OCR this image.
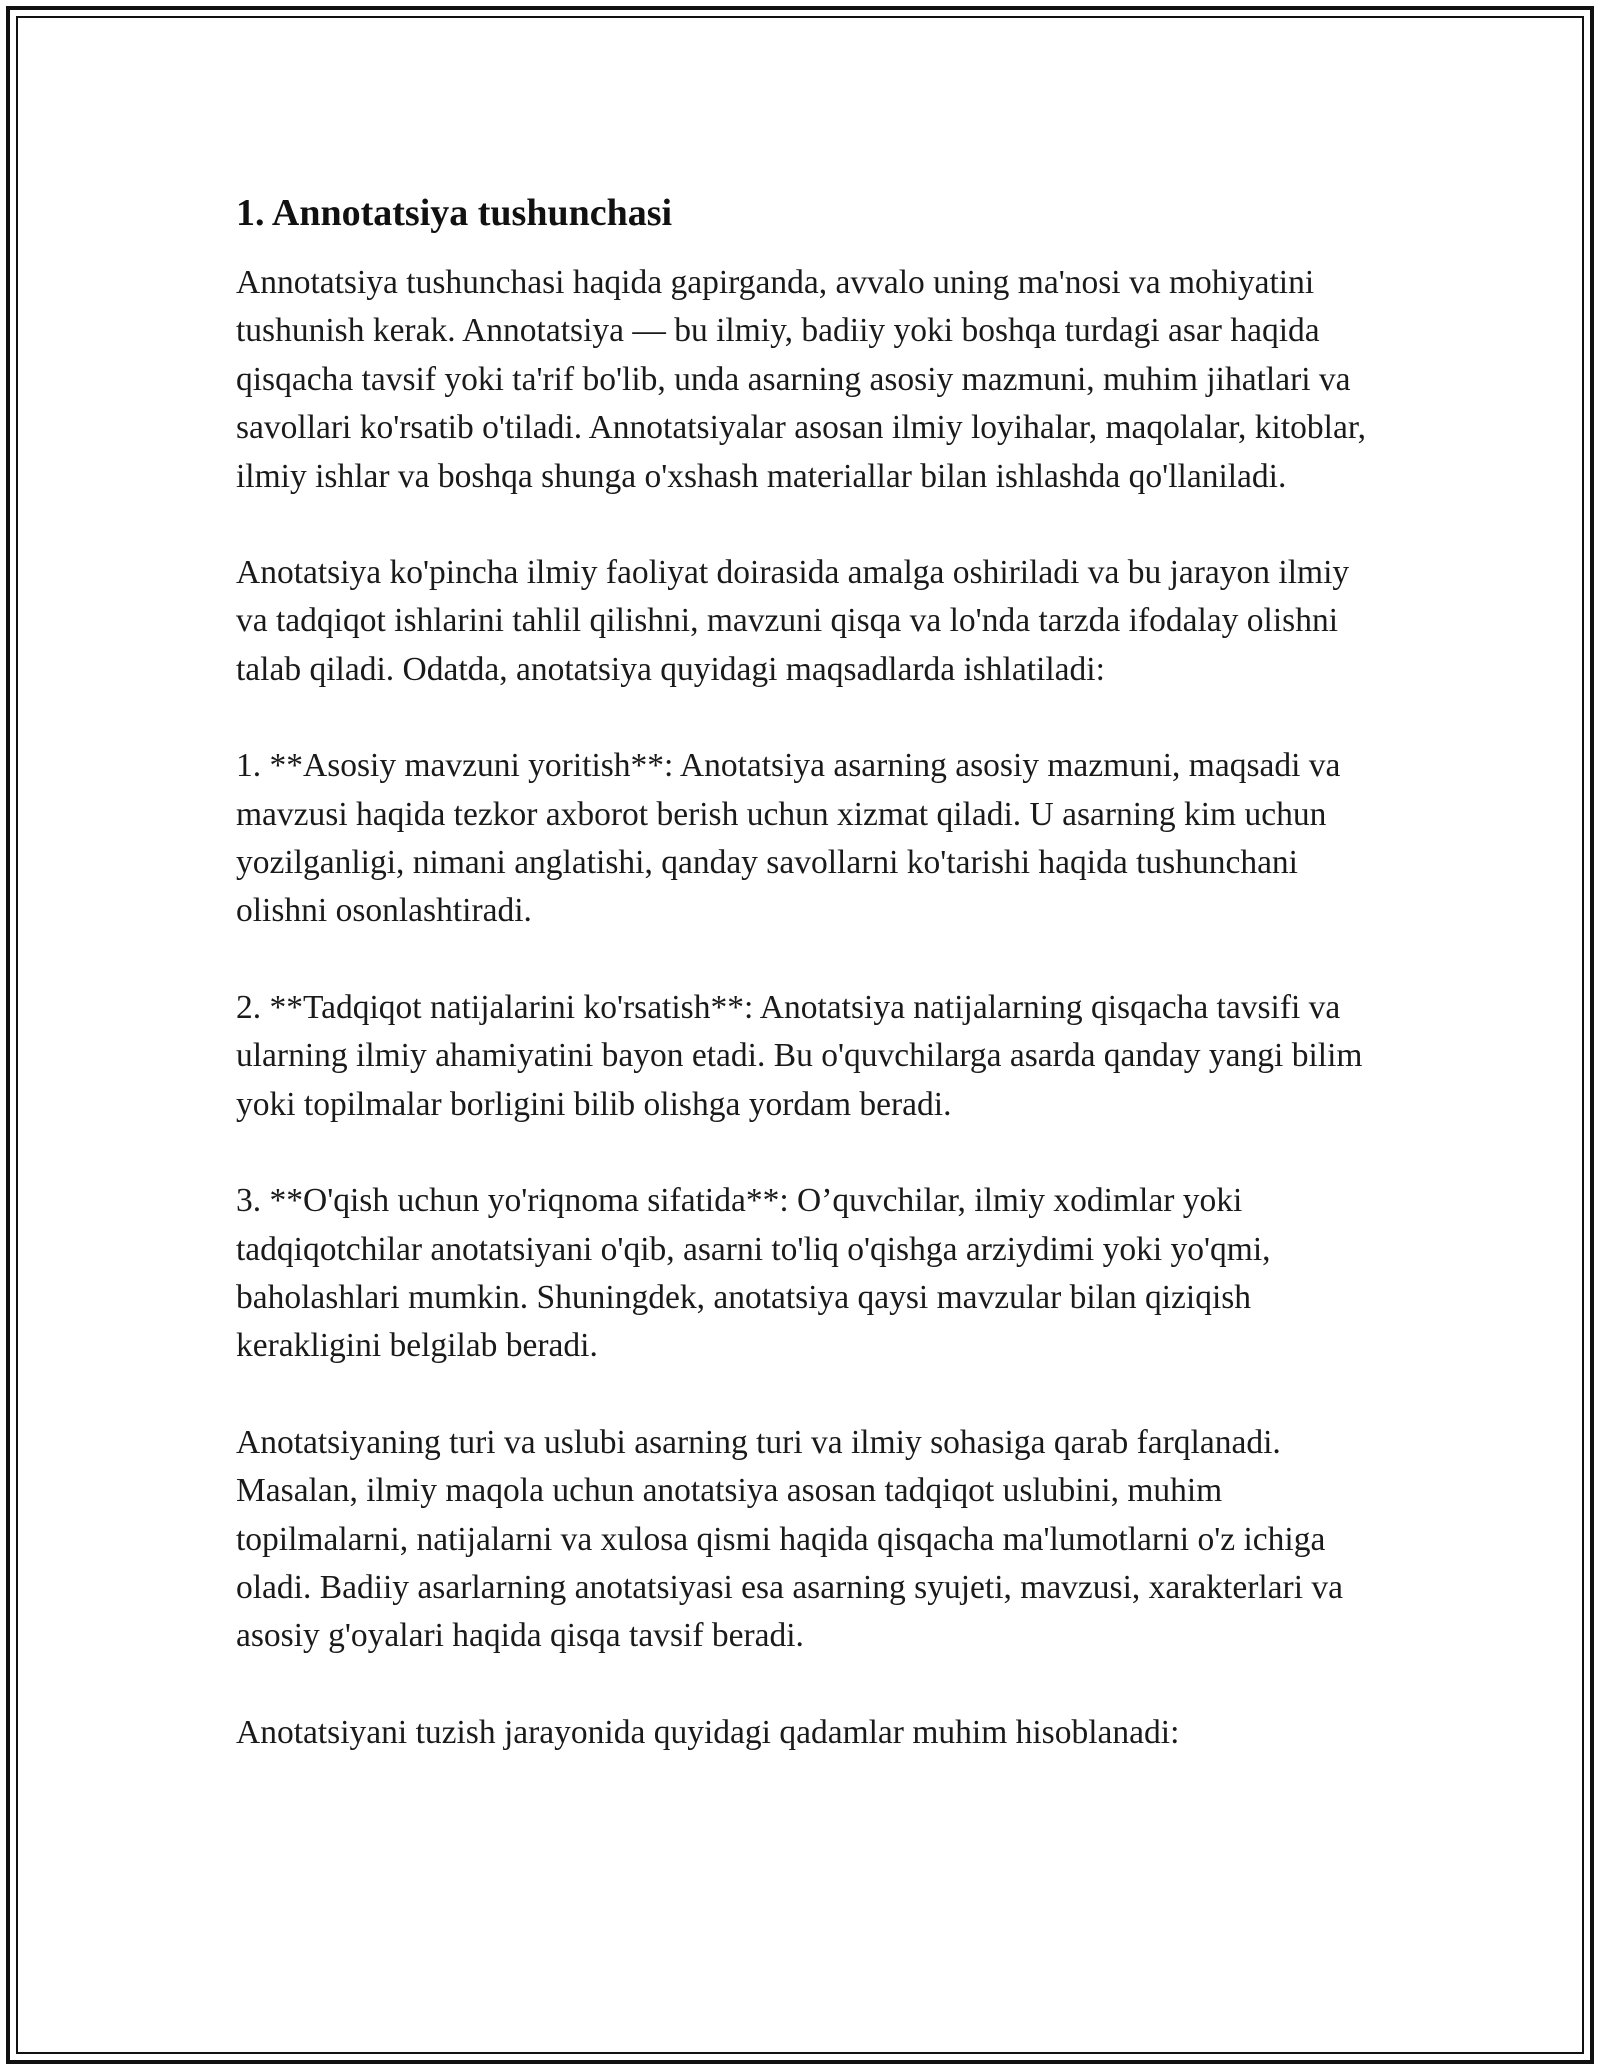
1. Annotatsiya tushunchasi

Annotatsiya tushunchasi haqida gapirganda, avvalo uning ma'nosi va mohiyatini tushunish kerak. Annotatsiya — bu ilmiy, badiiy yoki boshqa turdagi asar haqida qisqacha tavsif yoki ta'rif bo'lib, unda asarning asosiy mazmuni, muhim jihatlari va savollari ko'rsatib o'tiladi. Annotatsiyalar asosan ilmiy loyihalar, maqolalar, kitoblar, ilmiy ishlar va boshqa shunga o'xshash materiallar bilan ishlashda qo'llaniladi.

Anotatsiya ko'pincha ilmiy faoliyat doirasida amalga oshiriladi va bu jarayon ilmiy va tadqiqot ishlarini tahlil qilishni, mavzuni qisqa va lo'nda tarzda ifodalay olishni talab qiladi. Odatda, anotatsiya quyidagi maqsadlarda ishlatiladi:

1. **Asosiy mavzuni yoritish**: Anotatsiya asarning asosiy mazmuni, maqsadi va mavzusi haqida tezkor axborot berish uchun xizmat qiladi. U asarning kim uchun yozilganligi, nimani anglatishi, qanday savollarni ko'tarishi haqida tushunchani olishni osonlashtiradi.

2. **Tadqiqot natijalarini ko'rsatish**: Anotatsiya natijalarning qisqacha tavsifi va ularning ilmiy ahamiyatini bayon etadi. Bu o'quvchilarga asarda qanday yangi bilim yoki topilmalar borligini bilib olishga yordam beradi.

3. **O'qish uchun yo'riqnoma sifatida**: O’quvchilar, ilmiy xodimlar yoki tadqiqotchilar anotatsiyani o'qib, asarni to'liq o'qishga arziydimi yoki yo'qmi, baholashlari mumkin. Shuningdek, anotatsiya qaysi mavzular bilan qiziqish kerakligini belgilab beradi.

Anotatsiyaning turi va uslubi asarning turi va ilmiy sohasiga qarab farqlanadi. Masalan, ilmiy maqola uchun anotatsiya asosan tadqiqot uslubini, muhim topilmalarni, natijalarni va xulosa qismi haqida qisqacha ma'lumotlarni o'z ichiga oladi. Badiiy asarlarning anotatsiyasi esa asarning syujeti, mavzusi, xarakterlari va asosiy g'oyalari haqida qisqa tavsif beradi.

Anotatsiyani tuzish jarayonida quyidagi qadamlar muhim hisoblanadi:
